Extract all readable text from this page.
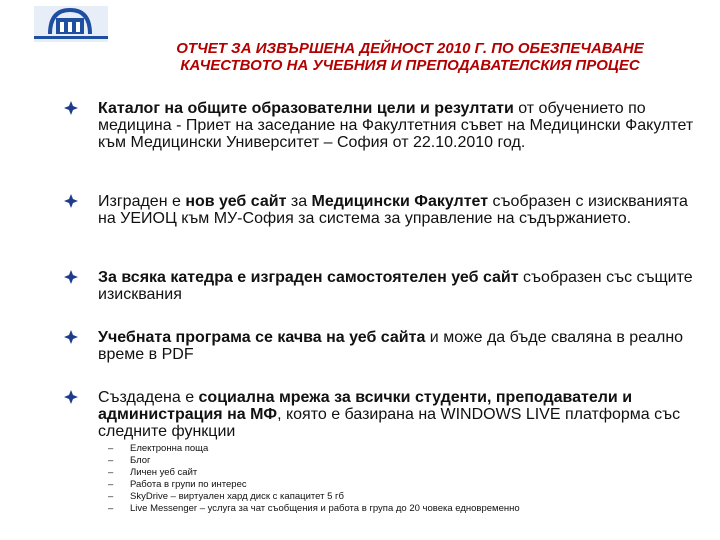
ОТЧЕТ ЗА ИЗВЪРШЕНА ДЕЙНОСТ 2010 Г. ПО ОБЕЗПЕЧАВАНЕ
КАЧЕСТВОТО НА УЧЕБНИЯ И ПРЕПОДАВАТЕЛСКИЯ ПРОЦЕС
Каталог на общите образователни цели и резултати от обучението по медицина - Приет на заседание на Факултетния съвет на Медицински Факултет към Медицински Университет – София от 22.10.2010 год.
Изграден е нов уеб сайт за Медицински Факултет съобразен с изискванията на УЕИОЦ към МУ-София за система за управление на съдържанието.
За всяка катедра е изграден самостоятелен уеб сайт съобразен със същите изисквания
Учебната програма се качва на уеб сайта и може да бъде сваляна в реално време в PDF
Създадена е социална мрежа за всички студенти, преподаватели и администрация на МФ, която е базирана на WINDOWS LIVE платформа със следните функции
–	Електронна поща
–	Блог
–	Личен уеб сайт
–	Работа в групи по интерес
–	SkyDrive – виртуален хард диск с капацитет 5 гб
–	Live Messenger – услуга за чат съобщения и работа в група до 20 човека едновременно
